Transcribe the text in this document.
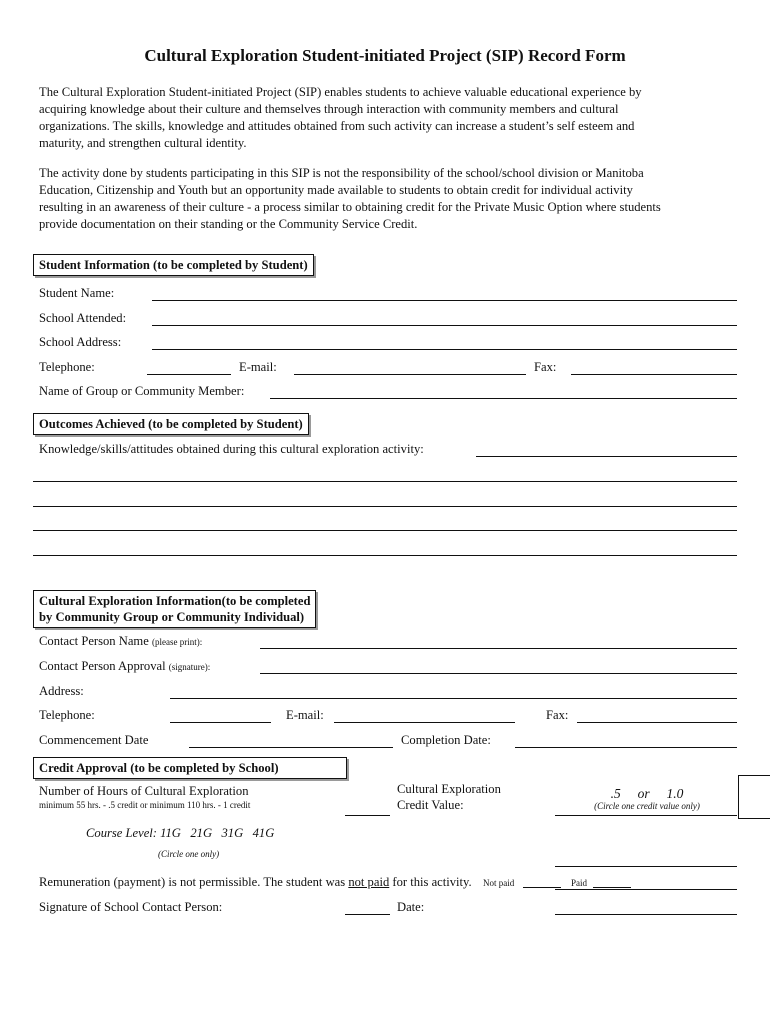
Cultural Exploration Student-initiated Project (SIP) Record Form
The Cultural Exploration Student-initiated Project (SIP) enables students to achieve valuable educational experience by
acquiring knowledge about their culture and themselves through interaction with community members and cultural
organizations. The skills, knowledge and attitudes obtained from such activity can increase a student’s self esteem and
maturity, and strengthen cultural identity.
The activity done by students participating in this SIP is not the responsibility of the school/school division or Manitoba
Education, Citizenship and Youth but an opportunity made available to students to obtain credit for individual activity
resulting in an awareness of their culture - a process similar to obtaining credit for the Private Music Option where students
provide documentation on their standing or the Community Service Credit.
Student Information (to be completed by Student)
Student Name:
School Attended:
School Address:
Telephone:	E-mail:	Fax:
Name of Group or Community Member:
Outcomes Achieved (to be completed by Student)
Knowledge/skills/attitudes obtained during this cultural exploration activity:
Cultural Exploration Information(to be completed
by Community Group or Community Individual)
Contact Person Name (please print):
Contact Person Approval (signature):
Address:
Telephone:	E-mail:	Fax:
Commencement Date	Completion Date:
Credit Approval (to be completed by School)
Number of Hours of Cultural Exploration
minimum 55 hrs. - .5 credit or minimum 110 hrs. - 1 credit
Cultural Exploration
Credit Value:
.5     or     1.0
(Circle one credit value only)
Course Level: 11G   21G   31G   41G
(Circle one only)
Remuneration (payment) is not permissible. The student was not paid for this activity. Not paid	Paid
Signature of School Contact Person:	Date:
